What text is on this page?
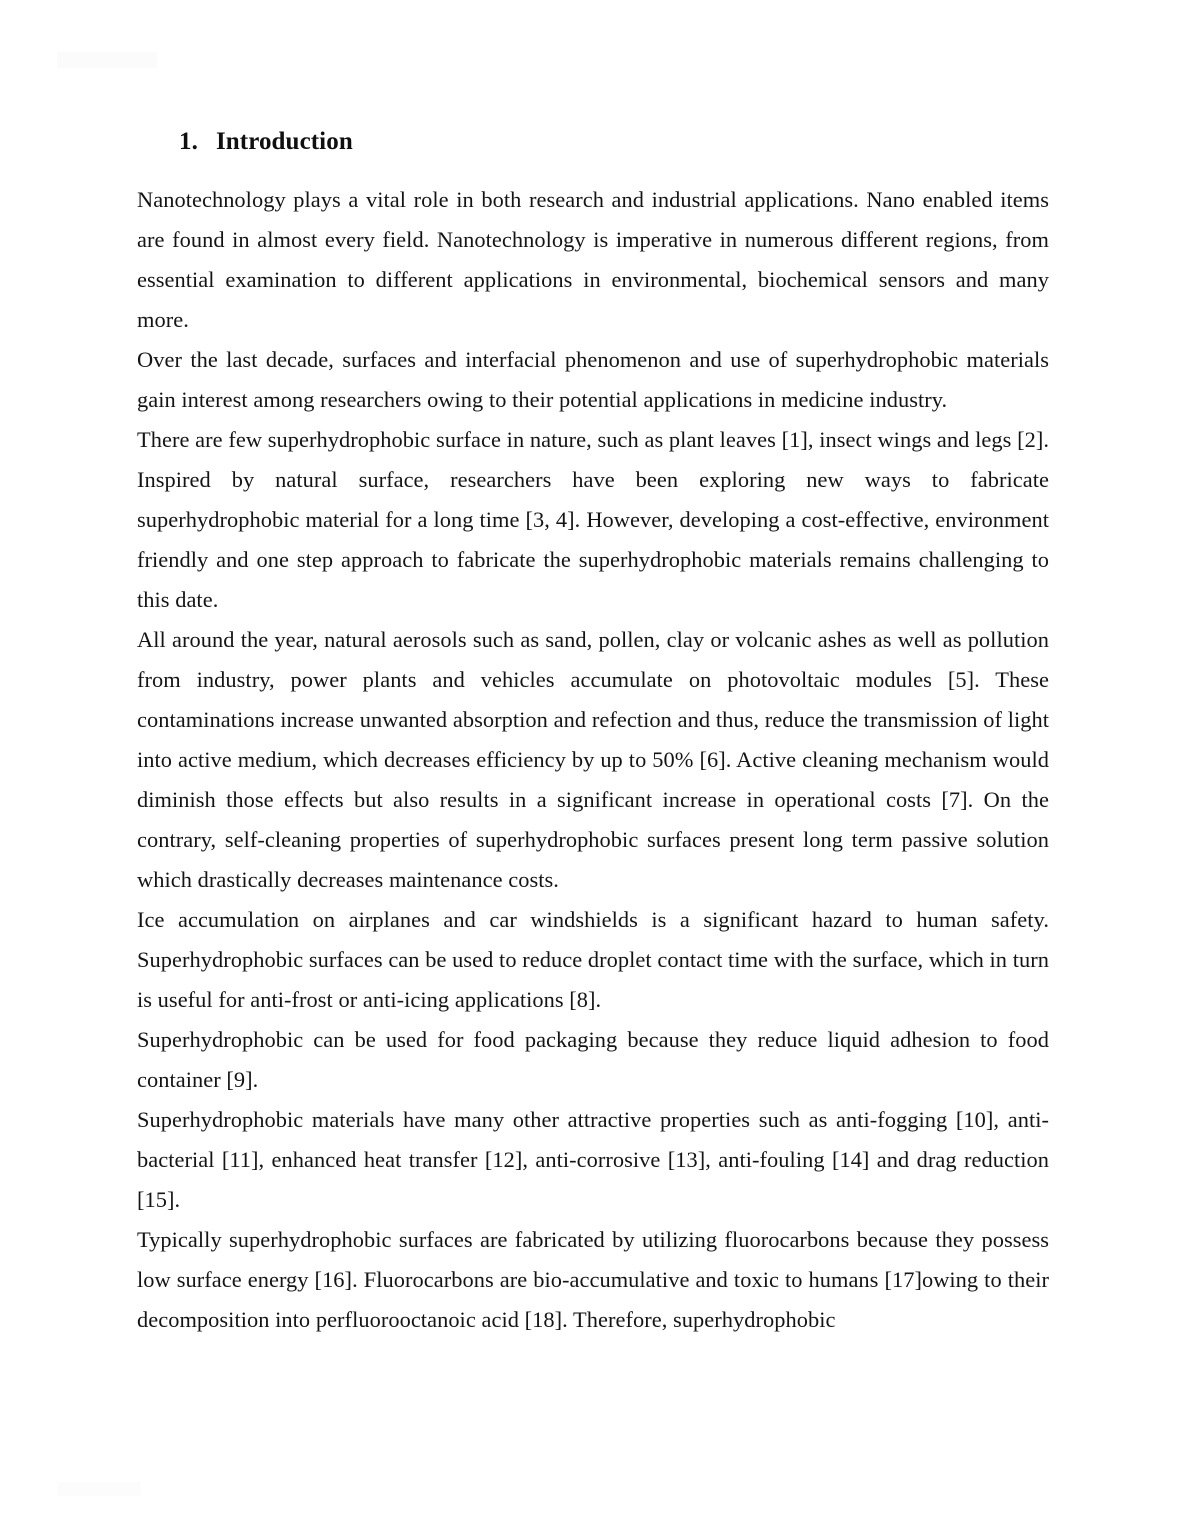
1. Introduction

Nanotechnology plays a vital role in both research and industrial applications. Nano enabled items are found in almost every field. Nanotechnology is imperative in numerous different regions, from essential examination to different applications in environmental, biochemical sensors and many more.

Over the last decade, surfaces and interfacial phenomenon and use of superhydrophobic materials gain interest among researchers owing to their potential applications in medicine industry.

There are few superhydrophobic surface in nature, such as plant leaves [1], insect wings and legs [2]. Inspired by natural surface, researchers have been exploring new ways to fabricate superhydrophobic material for a long time [3, 4]. However, developing a cost-effective, environment friendly and one step approach to fabricate the superhydrophobic materials remains challenging to this date.

All around the year, natural aerosols such as sand, pollen, clay or volcanic ashes as well as pollution from industry, power plants and vehicles accumulate on photovoltaic modules [5]. These contaminations increase unwanted absorption and refection and thus, reduce the transmission of light into active medium, which decreases efficiency by up to 50% [6]. Active cleaning mechanism would diminish those effects but also results in a significant increase in operational costs [7]. On the contrary, self-cleaning properties of superhydrophobic surfaces present long term passive solution which drastically decreases maintenance costs.

Ice accumulation on airplanes and car windshields is a significant hazard to human safety. Superhydrophobic surfaces can be used to reduce droplet contact time with the surface, which in turn is useful for anti-frost or anti-icing applications [8].

Superhydrophobic can be used for food packaging because they reduce liquid adhesion to food container [9].

Superhydrophobic materials have many other attractive properties such as anti-fogging [10], anti-bacterial [11], enhanced heat transfer [12], anti-corrosive [13], anti-fouling [14] and drag reduction [15].

Typically superhydrophobic surfaces are fabricated by utilizing fluorocarbons because they possess low surface energy [16]. Fluorocarbons are bio-accumulative and toxic to humans [17]owing to their decomposition into perfluorooctanoic acid [18]. Therefore, superhydrophobic
